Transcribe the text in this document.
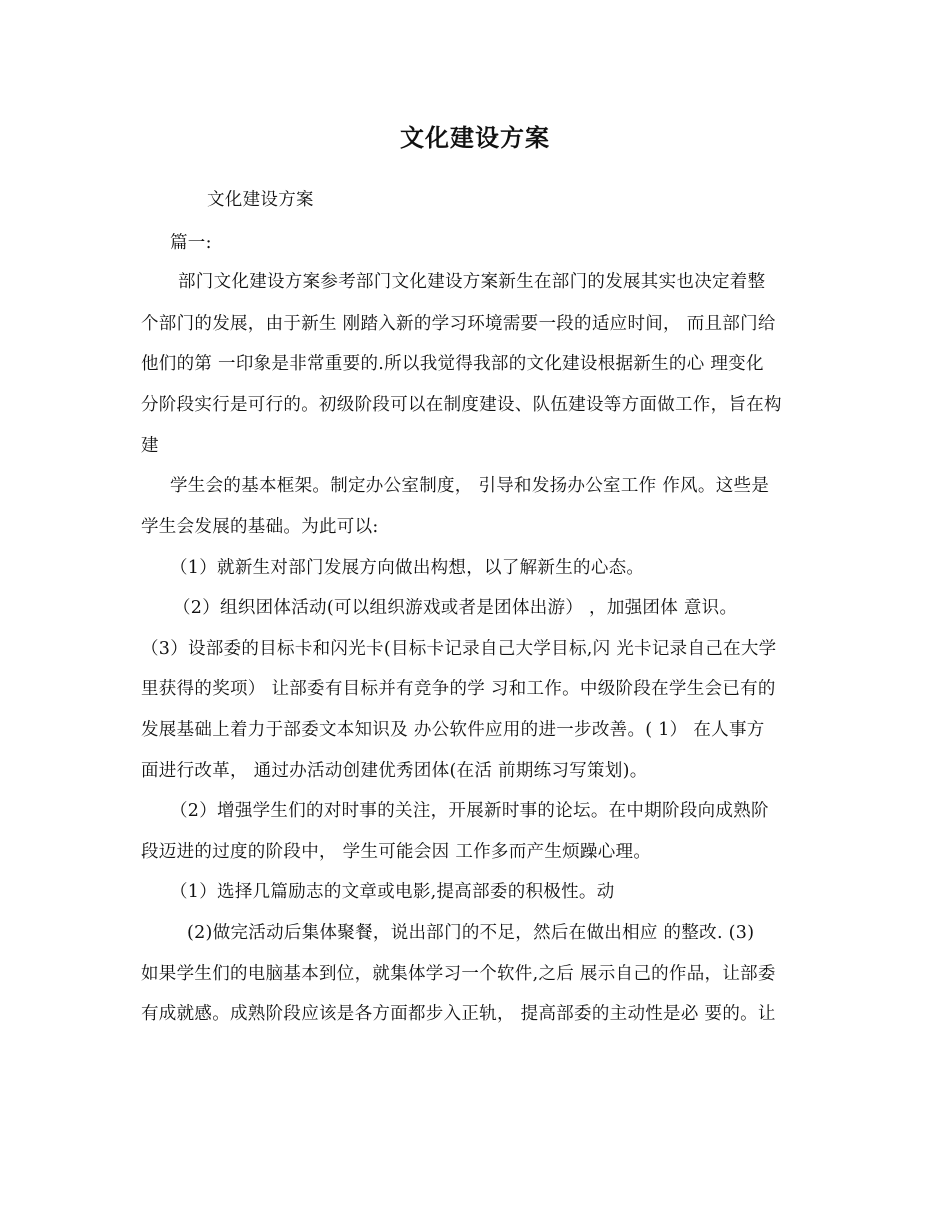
文化建设方案
文化建设方案
篇一:
部门文化建设方案参考部门文化建设方案新生在部门的发展其实也决定着整
个部门的发展，由于新生 刚踏入新的学习环境需要一段的适应时间， 而且部门给
他们的第 一印象是非常重要的.所以我觉得我部的文化建设根据新生的心 理变化
分阶段实行是可行的。初级阶段可以在制度建设、队伍建设等方面做工作，旨在构
建
学生会的基本框架。制定办公室制度， 引导和发扬办公室工作 作风。这些是
学生会发展的基础。为此可以:
（1）就新生对部门发展方向做出构想，以了解新生的心态。
（2）组织团体活动(可以组织游戏或者是团体出游） ，加强团体 意识。
（3）设部委的目标卡和闪光卡(目标卡记录自己大学目标,闪 光卡记录自己在大学
里获得的奖项） 让部委有目标并有竞争的学 习和工作。中级阶段在学生会已有的
发展基础上着力于部委文本知识及 办公软件应用的进一步改善。( 1） 在人事方
面进行改革， 通过办活动创建优秀团体(在活 前期练习写策划)。
（2）增强学生们的对时事的关注，开展新时事的论坛。在中期阶段向成熟阶
段迈进的过度的阶段中， 学生可能会因 工作多而产生烦躁心理。
（1）选择几篇励志的文章或电影,提高部委的积极性。动
(2)做完活动后集体聚餐，说出部门的不足，然后在做出相应 的整改. (3)
如果学生们的电脑基本到位，就集体学习一个软件,之后 展示自己的作品，让部委
有成就感。成熟阶段应该是各方面都步入正轨， 提高部委的主动性是必 要的。让
